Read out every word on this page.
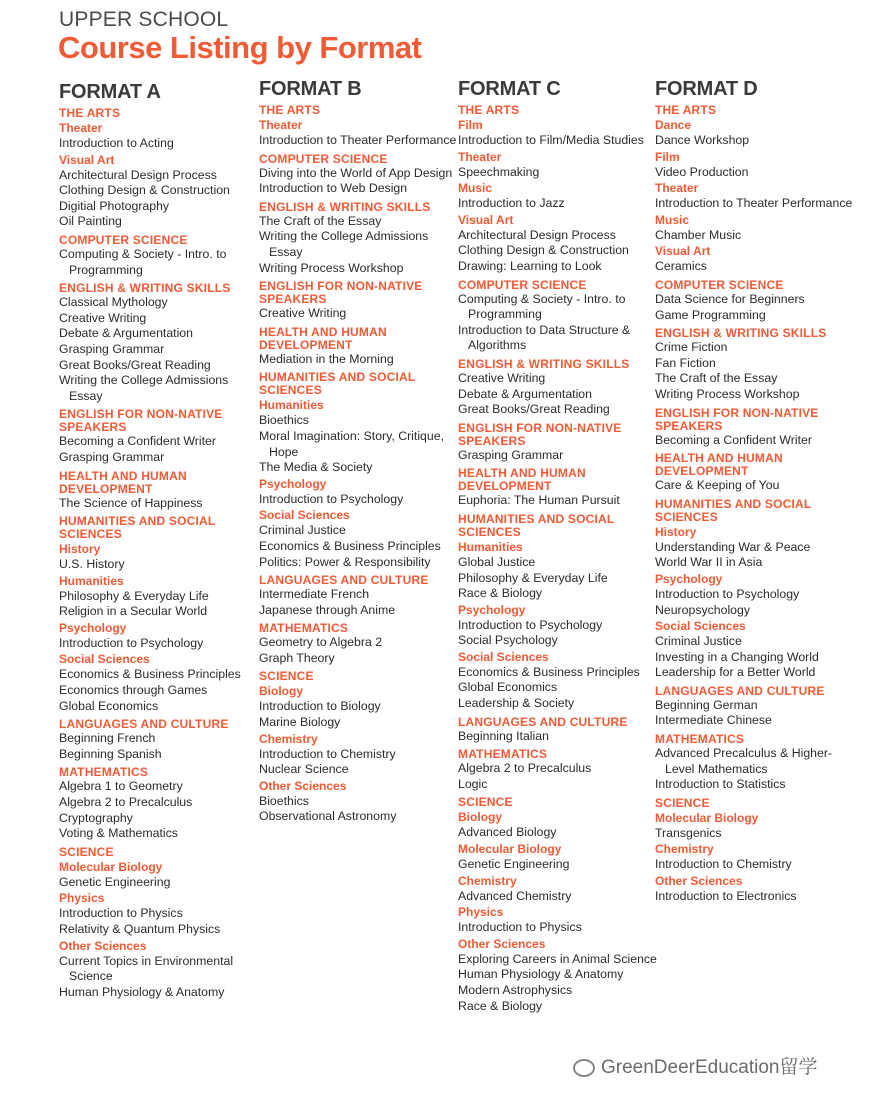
UPPER SCHOOL
Course Listing by Format
FORMAT A
THE ARTS
Theater
Introduction to Acting
Visual Art
Architectural Design Process
Clothing Design & Construction
Digitial Photography
Oil Painting
COMPUTER SCIENCE
Computing & Society - Intro. to Programming
ENGLISH & WRITING SKILLS
Classical Mythology
Creative Writing
Debate & Argumentation
Grasping Grammar
Great Books/Great Reading
Writing the College Admissions Essay
ENGLISH FOR NON-NATIVE SPEAKERS
Becoming a Confident Writer
Grasping Grammar
HEALTH AND HUMAN DEVELOPMENT
The Science of Happiness
HUMANITIES AND SOCIAL SCIENCES
History
U.S. History
Humanities
Philosophy & Everyday Life
Religion in a Secular World
Psychology
Introduction to Psychology
Social Sciences
Economics & Business Principles
Economics through Games
Global Economics
LANGUAGES AND CULTURE
Beginning French
Beginning Spanish
MATHEMATICS
Algebra 1 to Geometry
Algebra 2 to Precalculus
Cryptography
Voting & Mathematics
SCIENCE
Molecular Biology
Genetic Engineering
Physics
Introduction to Physics
Relativity & Quantum Physics
Other Sciences
Current Topics in Environmental Science
Human Physiology & Anatomy
FORMAT B
THE ARTS
Theater
Introduction to Theater Performance
COMPUTER SCIENCE
Diving into the World of App Design
Introduction to Web Design
ENGLISH & WRITING SKILLS
The Craft of the Essay
Writing the College Admissions Essay
Writing Process Workshop
ENGLISH FOR NON-NATIVE SPEAKERS
Creative Writing
HEALTH AND HUMAN DEVELOPMENT
Mediation in the Morning
HUMANITIES AND SOCIAL SCIENCES
Humanities
Bioethics
Moral Imagination: Story, Critique, Hope
The Media & Society
Psychology
Introduction to Psychology
Social Sciences
Criminal Justice
Economics & Business Principles
Politics: Power & Responsibility
LANGUAGES AND CULTURE
Intermediate French
Japanese through Anime
MATHEMATICS
Geometry to Algebra 2
Graph Theory
SCIENCE
Biology
Introduction to Biology
Marine Biology
Chemistry
Introduction to Chemistry
Nuclear Science
Other Sciences
Bioethics
Observational Astronomy
FORMAT C
THE ARTS
Film
Introduction to Film/Media Studies
Theater
Speechmaking
Music
Introduction to Jazz
Visual Art
Architectural Design Process
Clothing Design & Construction
Drawing: Learning to Look
COMPUTER SCIENCE
Computing & Society - Intro. to Programming
Introduction to Data Structure & Algorithms
ENGLISH & WRITING SKILLS
Creative Writing
Debate & Argumentation
Great Books/Great Reading
ENGLISH FOR NON-NATIVE SPEAKERS
Grasping Grammar
HEALTH AND HUMAN DEVELOPMENT
Euphoria: The Human Pursuit
HUMANITIES AND SOCIAL SCIENCES
Humanities
Global Justice
Philosophy & Everyday Life
Race & Biology
Psychology
Introduction to Psychology
Social Psychology
Social Sciences
Economics & Business Principles
Global Economics
Leadership & Society
LANGUAGES AND CULTURE
Beginning Italian
MATHEMATICS
Algebra 2 to Precalculus
Logic
SCIENCE
Biology
Advanced Biology
Molecular Biology
Genetic Engineering
Chemistry
Advanced Chemistry
Physics
Introduction to Physics
Other Sciences
Exploring Careers in Animal Science
Human Physiology & Anatomy
Modern Astrophysics
Race & Biology
FORMAT D
THE ARTS
Dance
Dance Workshop
Film
Video Production
Theater
Introduction to Theater Performance
Music
Chamber Music
Visual Art
Ceramics
COMPUTER SCIENCE
Data Science for Beginners
Game Programming
ENGLISH & WRITING SKILLS
Crime Fiction
Fan Fiction
The Craft of the Essay
Writing Process Workshop
ENGLISH FOR NON-NATIVE SPEAKERS
Becoming a Confident Writer
HEALTH AND HUMAN DEVELOPMENT
Care & Keeping of You
HUMANITIES AND SOCIAL SCIENCES
History
Understanding War & Peace
World War II in Asia
Psychology
Introduction to Psychology
Neuropsychology
Social Sciences
Criminal Justice
Investing in a Changing World
Leadership for a Better World
LANGUAGES AND CULTURE
Beginning German
Intermediate Chinese
MATHEMATICS
Advanced Precalculus & Higher-Level Mathematics
Introduction to Statistics
SCIENCE
Molecular Biology
Transgenics
Chemistry
Introduction to Chemistry
Other Sciences
Introduction to Electronics
GreenDeerEducation留学
